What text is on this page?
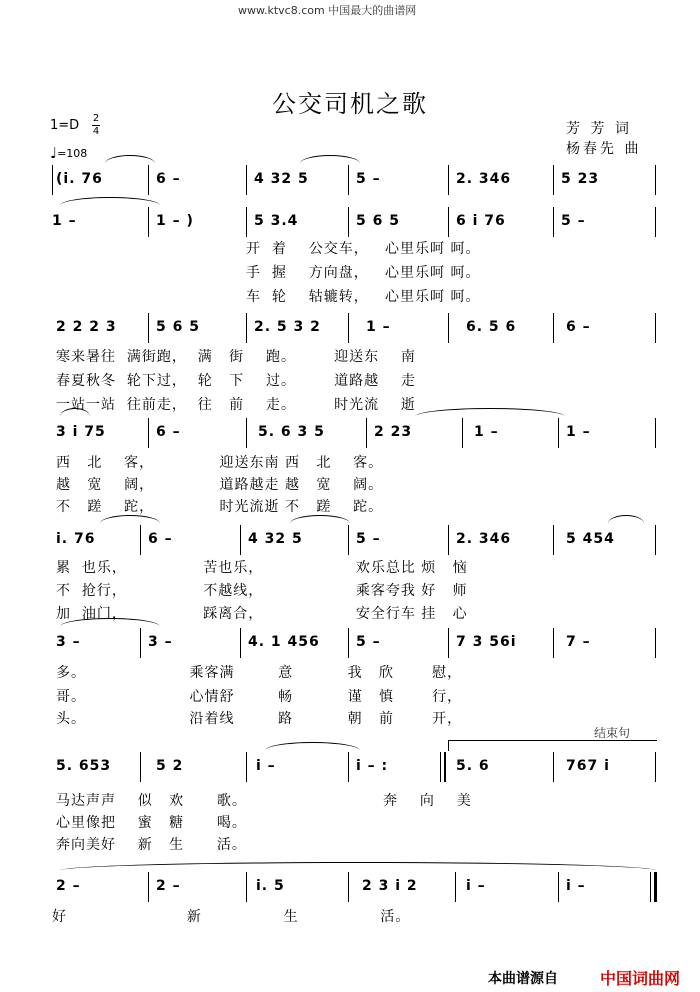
www.ktvc8.com 中国最大的曲谱网
公交司机之歌
1=D 2
4
♩=108
芳 芳 词
杨春先 曲
(i. 76	6 –	4 32 5	5 –	2. 346	5 23
1 –	1 – )	5 3.4	5 6 5	6 i 76	5 –
开  着    公交车，   心里乐呵 呵。
手  握    方向盘，   心里乐呵 呵。
车  轮    轱辘转，   心里乐呵 呵。
2 2 2 3	5 6 5	2. 5 3 2	1 –	6. 5 6	6 –
寒来暑往  满街跑，  满   街    跑。       迎送东    南
春夏秋冬  轮下过，  轮   下    过。       道路越    走
一站一站  往前走，  往   前    走。       时光流    逝
3 i 75	6 –	5. 6 3 5	2 23	1 –	1 –
西   北    客，            迎送东南 西   北    客。
越   宽    阔，            道路越走 越   宽    阔。
不   蹉    跎，            时光流逝 不   蹉    跎。
i. 76	6 –	4 32 5	5 –	2. 346	5 454
累  也乐，              苦也乐，                 欢乐总比 烦   恼
不  抢行，              不越线，                 乘客夸我 好   师
加  油门，              踩离合，                 安全行车 挂   心
3 –	3 –	4. 1 456	5 –	7 3 56i	7 –
多。                   乘客满        意          我   欣       慰，
哥。                   心情舒        畅          谨   慎       行，
头。                   沿着线        路          朝   前       开，
结束句
5. 653	5 2	i –	i – :	5. 6	767 i
马达声声    似   欢      歌。                         奔    向    美
心里像把    蜜   糖      喝。
奔向美好    新   生      活。
2 –	2 –	i. 5	2 3 i 2	i –	i –
好                      新               生               活。
本曲谱源自	中国词曲网
